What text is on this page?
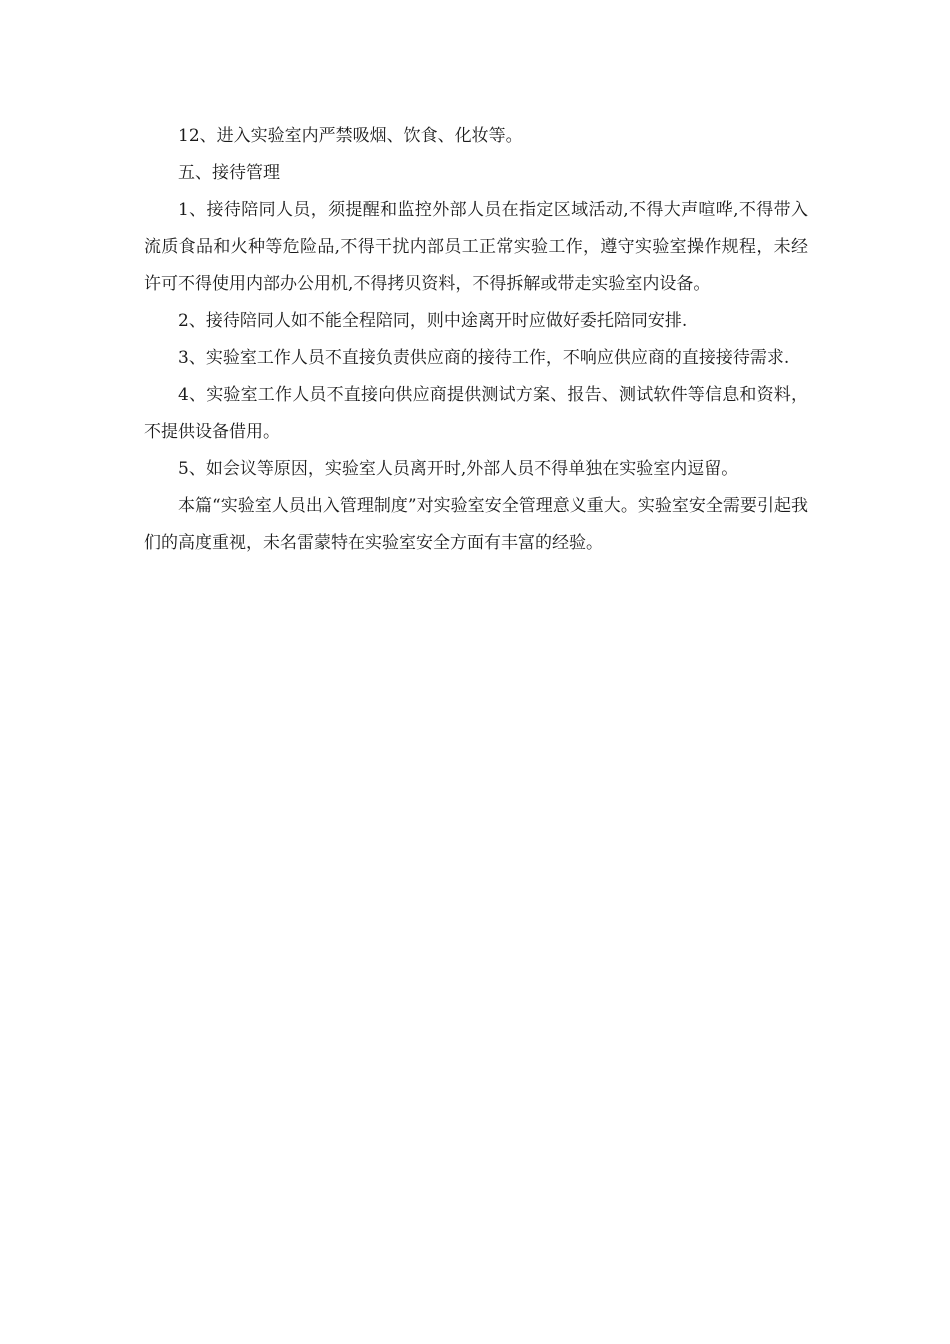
12、进入实验室内严禁吸烟、饮食、化妆等。

五、接待管理

1、接待陪同人员，须提醒和监控外部人员在指定区域活动,不得大声喧哗,不得带入流质食品和火种等危险品,不得干扰内部员工正常实验工作，遵守实验室操作规程，未经许可不得使用内部办公用机,不得拷贝资料，不得拆解或带走实验室内设备。

2、接待陪同人如不能全程陪同，则中途离开时应做好委托陪同安排.

3、实验室工作人员不直接负责供应商的接待工作，不响应供应商的直接接待需求.

4、实验室工作人员不直接向供应商提供测试方案、报告、测试软件等信息和资料，不提供设备借用。

5、如会议等原因，实验室人员离开时,外部人员不得单独在实验室内逗留。

本篇“实验室人员出入管理制度”对实验室安全管理意义重大。实验室安全需要引起我们的高度重视，未名雷蒙特在实验室安全方面有丰富的经验。
